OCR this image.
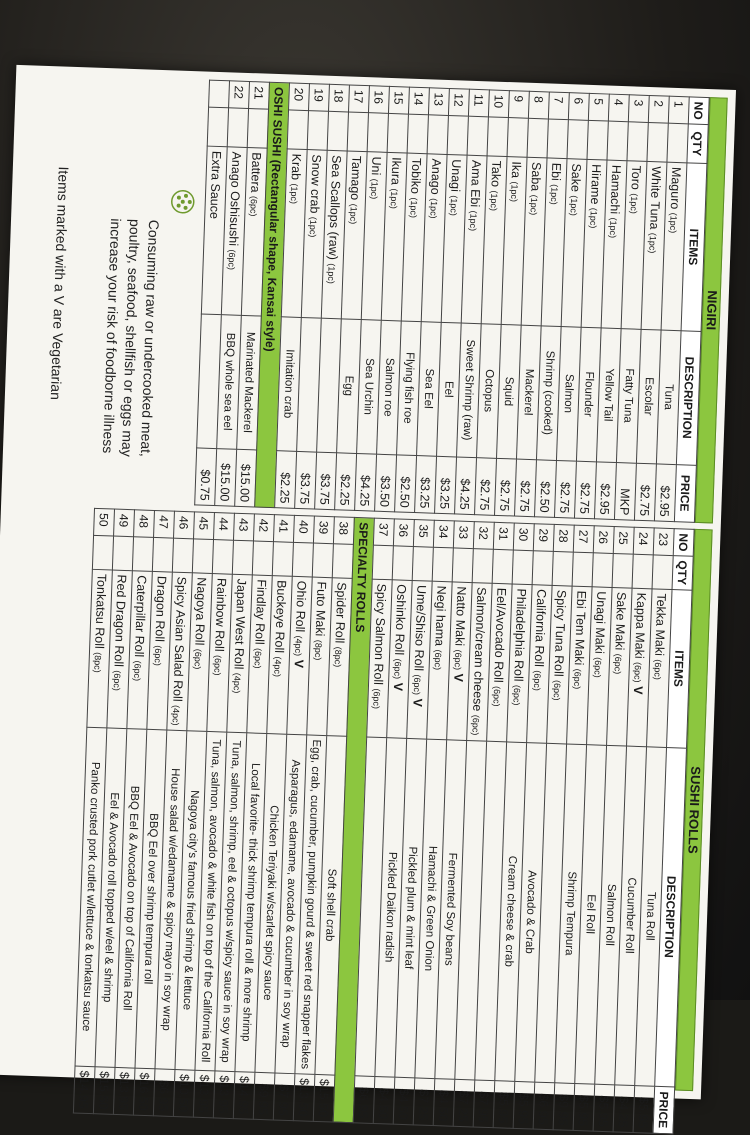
NIGIRI
NO	QTY	ITEMS	DESCRIPTION	PRICE
1		Maguro (1pc)	Tuna	$2.95
2		White Tuna (1pc)	Escolar	$2.75
3		Toro (1pc)	Fatty Tuna	MKP
4		Hamachi (1pc)	Yellow Tail	$2.95
5		Hirame (1pc)	Flounder	$2.75
6		Sake (1pc)	Salmon	$2.75
7		Ebi (1pc)	Shrimp (cooked)	$2.50
8		Saba (1pc)	Mackerel	$2.75
9		Ika (1pc)	Squid	$2.75
10		Tako (1pc)	Octopus	$2.75
11		Ama Ebi (1pc)	Sweet Shrimp (raw)	$4.25
12		Unagi (1pc)	Eel	$3.25
13		Anago (1pc)	Sea Eel	$3.25
14		Tobiko (1pc)	Flying fish roe	$2.50
15		Ikura (1pc)	Salmon roe	$3.50
16		Uni (1pc)	Sea Urchin	$4.25
17		Tamago (1pc)	Egg	$2.25
18		Sea Scallops (raw) (1pc)		$3.75
19		Snow crab (1pc)		$3.75
20		Krab (1pc)	Imitation crab	$2.25
OSHI SUSHI (Rectangular shape, Kansai style)				
21		Battera (6pc)	Marinated Mackerel	$15.00
22		Anago Oshisushi (6pc)	BBQ whole sea eel	$15.00
		Extra Sauce		$0.75
SUSHI ROLLS
NO	QTY	ITEMS	DESCRIPTION	PRICE
23		Tekka Maki (6pc)	Tuna Roll	$5.95
24		Kappa Maki (6pc) V	Cucumber Roll	$4.25
25		Sake Maki (6pc)	Salmon Roll	$5.95
26		Unagi Maki (6pc)	Eel Roll	$5.95
27		Ebi Tem Maki (6pc)	Shrimp Tempura	$9.95
28		Spicy Tuna Roll (6pc)		$6.95
29		California Roll (6pc)	Avocado & Crab	$5.95
30		Philadelphia Roll (6pc)	Cream cheese & crab	$5.95
31		Eel/Avocado Roll (6pc)		$7.95
32		Salmon/cream cheese (6pc)		$7.25
33		Natto Maki (6pc) V	Fermented Soy beans	$4.50
34		Negi hama (6pc)	Hamachi & Green Onion	$7.25
35		Ume/Shiso Roll (6pc) V	Pickled plum & mint leaf	$4.50
36		Oshinko Roll (6pc) V	Pickled Daikon radish	$4.50
37		Spicy Salmon Roll (6pc)		$6.95
SPECIALTY ROLLS				
38		Spider Roll (8pc)	Soft shell crab	$15.50
39		Futo Maki (8pc)	Egg, crab, cucumber, pumpkin gourd & sweet red snapper flakes	$13.50
40		Ohio Roll (4pc) V	Asparagus, edamame, avocado & cucumber in soy wrap	$7.95
41		Buckeye Roll (4pc)	Chicken Teriyaki w/scarlet spicy sauce	$9.95
42		Findlay Roll (6pc)	Local favorite- thick shrimp tempura roll & more shrimp	$14.95
43		Japan West Roll (4pc)	Tuna, salmon, shrimp, eel & octopus w/spicy sauce in soy wrap	$13.95
44		Rainbow Roll (6pc)	Tuna, salmon, avocado & white fish on top of the California Roll	$13.95
45		Nagoya Roll (6pc)	Nagoya city's famous fried shrimp & lettuce	$10.50
46		Spicy Asian Salad Roll (4pc)	House salad w/edamame & spicy mayo in soy wrap	$6.95
47		Dragon Roll (6pc)	BBQ Eel over shrimp tempura roll	$16.50
48		Caterpillar Roll (6pc)	BBQ Eel & Avocado on top of California Roll	$13.95
49		Red Dragon Roll (6pc)	Eel & Avocado roll topped w/eel & shrimp	$15.50
50		Tonkatsu Roll (8pc)	Panko crusted pork cutlet w/lettuce & tonkatsu sauce	$14.95
Consuming raw or undercooked meat,
poultry, seafood, shellfish or eggs may
increase your risk of foodborne illness
Items marked with a V are Vegetarian
